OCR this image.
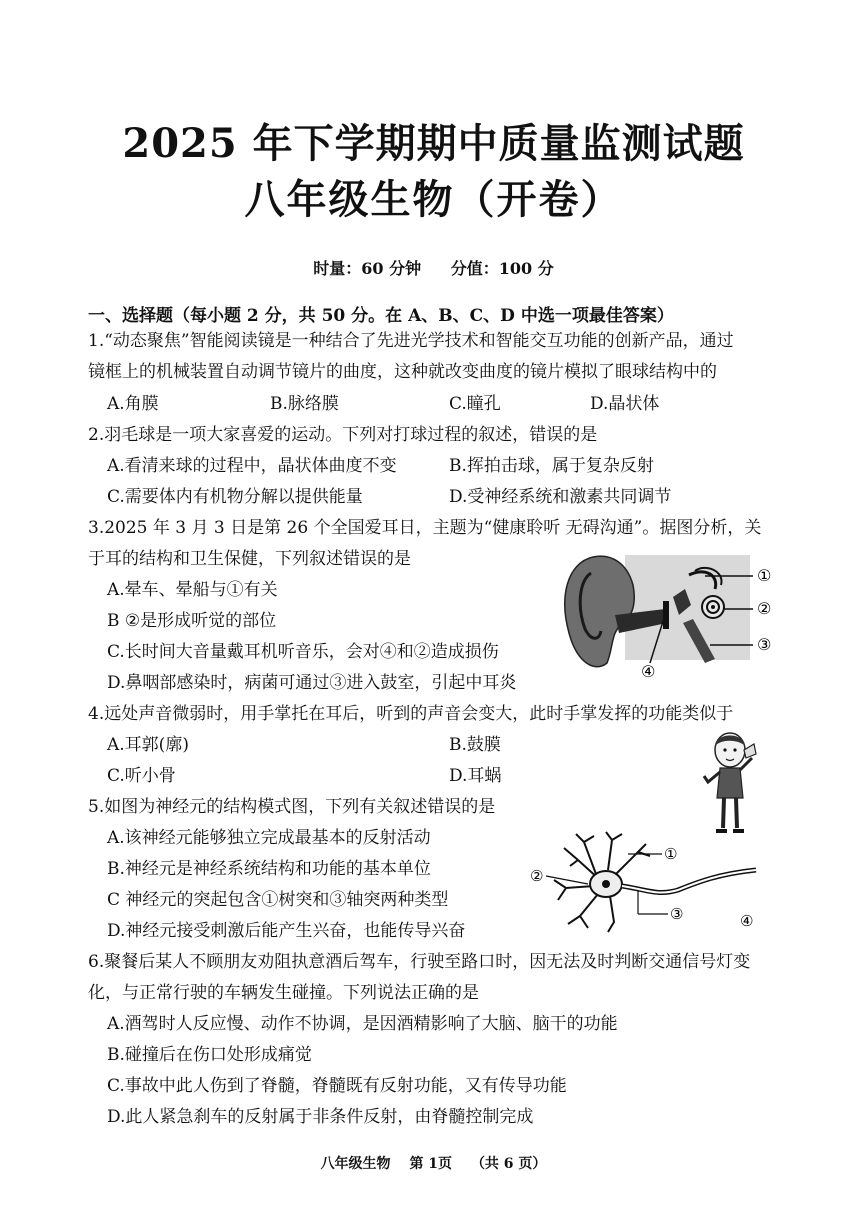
2025 年下学期期中质量监测试题
八年级生物（开卷）
时量：60 分钟 分值：100 分
一、选择题（每小题 2 分，共 50 分。在 A、B、C、D 中选一项最佳答案）
1.“动态聚焦”智能阅读镜是一种结合了先进光学技术和智能交互功能的创新产品，通过
镜框上的机械装置自动调节镜片的曲度，这种就改变曲度的镜片模拟了眼球结构中的
A.角膜	B.脉络膜	C.瞳孔	D.晶状体
2.羽毛球是一项大家喜爱的运动。下列对打球过程的叙述，错误的是
A.看清来球的过程中，晶状体曲度不变	B.挥拍击球，属于复杂反射
C.需要体内有机物分解以提供能量	D.受神经系统和激素共同调节
3.2025 年 3 月 3 日是第 26 个全国爱耳日，主题为“健康聆听 无碍沟通”。据图分析，关
于耳的结构和卫生保健，下列叙述错误的是
A.晕车、晕船与①有关
B ②是形成听觉的部位
C.长时间大音量戴耳机听音乐，会对④和②造成损伤
D.鼻咽部感染时，病菌可通过③进入鼓室，引起中耳炎
①
②
③
④
4.远处声音微弱时，用手掌托在耳后，听到的声音会变大，此时手掌发挥的功能类似于
A.耳郭(廓)	B.鼓膜
C.听小骨	D.耳蜗
5.如图为神经元的结构模式图，下列有关叙述错误的是
A.该神经元能够独立完成最基本的反射活动
B.神经元是神经系统结构和功能的基本单位
C 神经元的突起包含①树突和③轴突两种类型
D.神经元接受刺激后能产生兴奋，也能传导兴奋
①
②
③	④
6.聚餐后某人不顾朋友劝阻执意酒后驾车，行驶至路口时，因无法及时判断交通信号灯变
化，与正常行驶的车辆发生碰撞。下列说法正确的是
A.酒驾时人反应慢、动作不协调，是因酒精影响了大脑、脑干的功能
B.碰撞后在伤口处形成痛觉
C.事故中此人伤到了脊髓，脊髓既有反射功能，又有传导功能
D.此人紧急刹车的反射属于非条件反射，由脊髓控制完成
八年级生物 第 1页 （共 6 页）
